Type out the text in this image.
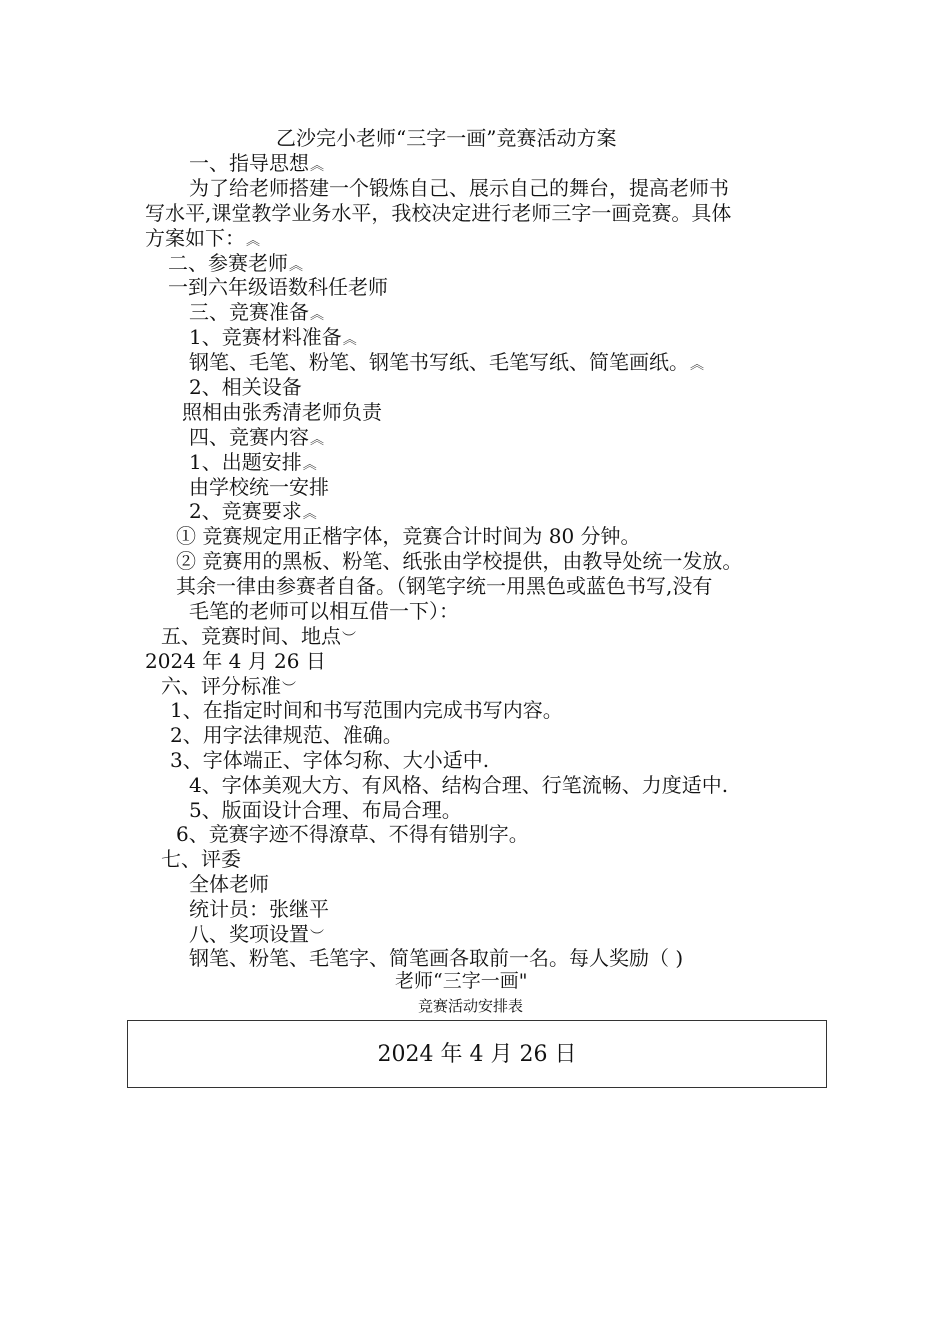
乙沙完小老师“三字一画”竞赛活动方案
一、指导思想︽
为了给老师搭建一个锻炼自己、展示自己的舞台，提高老师书
写水平,课堂教学业务水平，我校决定进行老师三字一画竞赛。具体
方案如下：︽
二、参赛老师︽
一到六年级语数科任老师
三、竞赛准备︽
1、竞赛材料准备︽
钢笔、毛笔、粉笔、钢笔书写纸、毛笔写纸、简笔画纸。︽
2、相关设备
照相由张秀清老师负责
四、竞赛内容︽
1、出题安排︽
由学校统一安排
2、竞赛要求︽
① 竞赛规定用正楷字体，竞赛合计时间为 80 分钟。
② 竞赛用的黑板、粉笔、纸张由学校提供，由教导处统一发放。
其余一律由参赛者自备。（钢笔字统一用黑色或蓝色书写,没有
毛笔的老师可以相互借一下）：
五、竞赛时间、地点︶
2024 年 4 月 26 日
六、评分标准︶
1、在指定时间和书写范围内完成书写内容。
2、用字法律规范、准确。
3、字体端正、字体匀称、大小适中.
4、字体美观大方、有风格、结构合理、行笔流畅、力度适中.
5、版面设计合理、布局合理。
6、竞赛字迹不得潦草、不得有错别字。
七、评委
全体老师
统计员：张继平
八、奖项设置︶
钢笔、粉笔、毛笔字、简笔画各取前一名。每人奖励（ )
老师“三字一画"
竞赛活动安排表
2024 年 4 月 26 日
